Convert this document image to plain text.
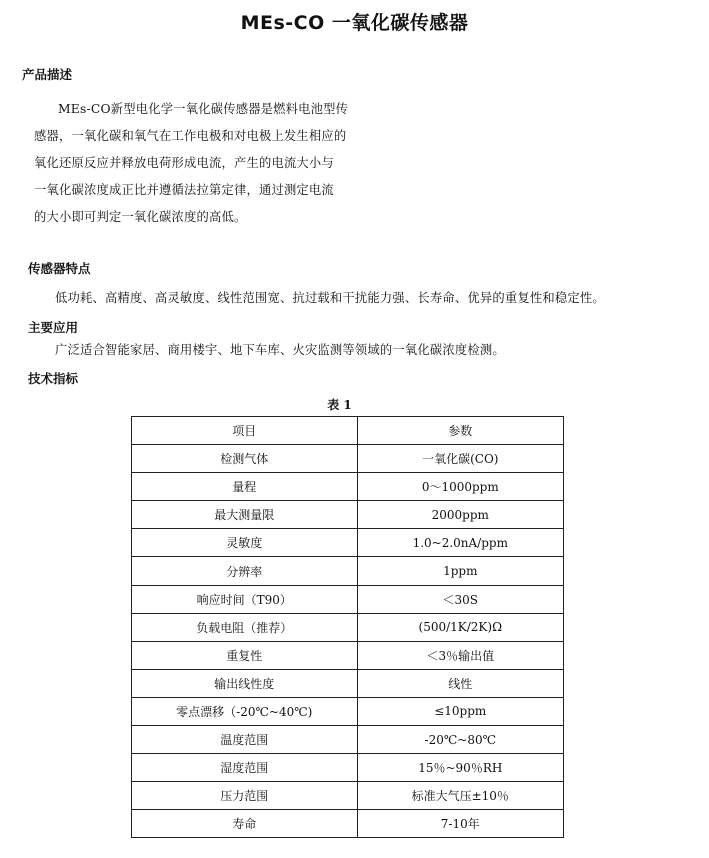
MEs-CO 一氧化碳传感器
产品描述
MEs-CO新型电化学一氧化碳传感器是燃料电池型传
感器，一氧化碳和氧气在工作电极和对电极上发生相应的
氧化还原反应并释放电荷形成电流，产生的电流大小与
一氧化碳浓度成正比并遵循法拉第定律，通过测定电流
的大小即可判定一氧化碳浓度的高低。
传感器特点
低功耗、高精度、高灵敏度、线性范围宽、抗过载和干扰能力强、长寿命、优异的重复性和稳定性。
主要应用
广泛适合智能家居、商用楼宇、地下车库、火灾监测等领域的一氧化碳浓度检测。
技术指标
表 1
项目	参数
检测气体	一氧化碳(CO)
量程	0～1000ppm
最大测量限	2000ppm
灵敏度	1.0~2.0nA/ppm
分辨率	1ppm
响应时间（T90）	＜30S
负载电阻（推荐）	(500/1K/2K)Ω
重复性	＜3％输出值
输出线性度	线性
零点漂移（-20℃~40℃)	≤10ppm
温度范围	-20℃~80℃
湿度范围	15％~90％RH
压力范围	标准大气压±10％
寿命	7-10年
